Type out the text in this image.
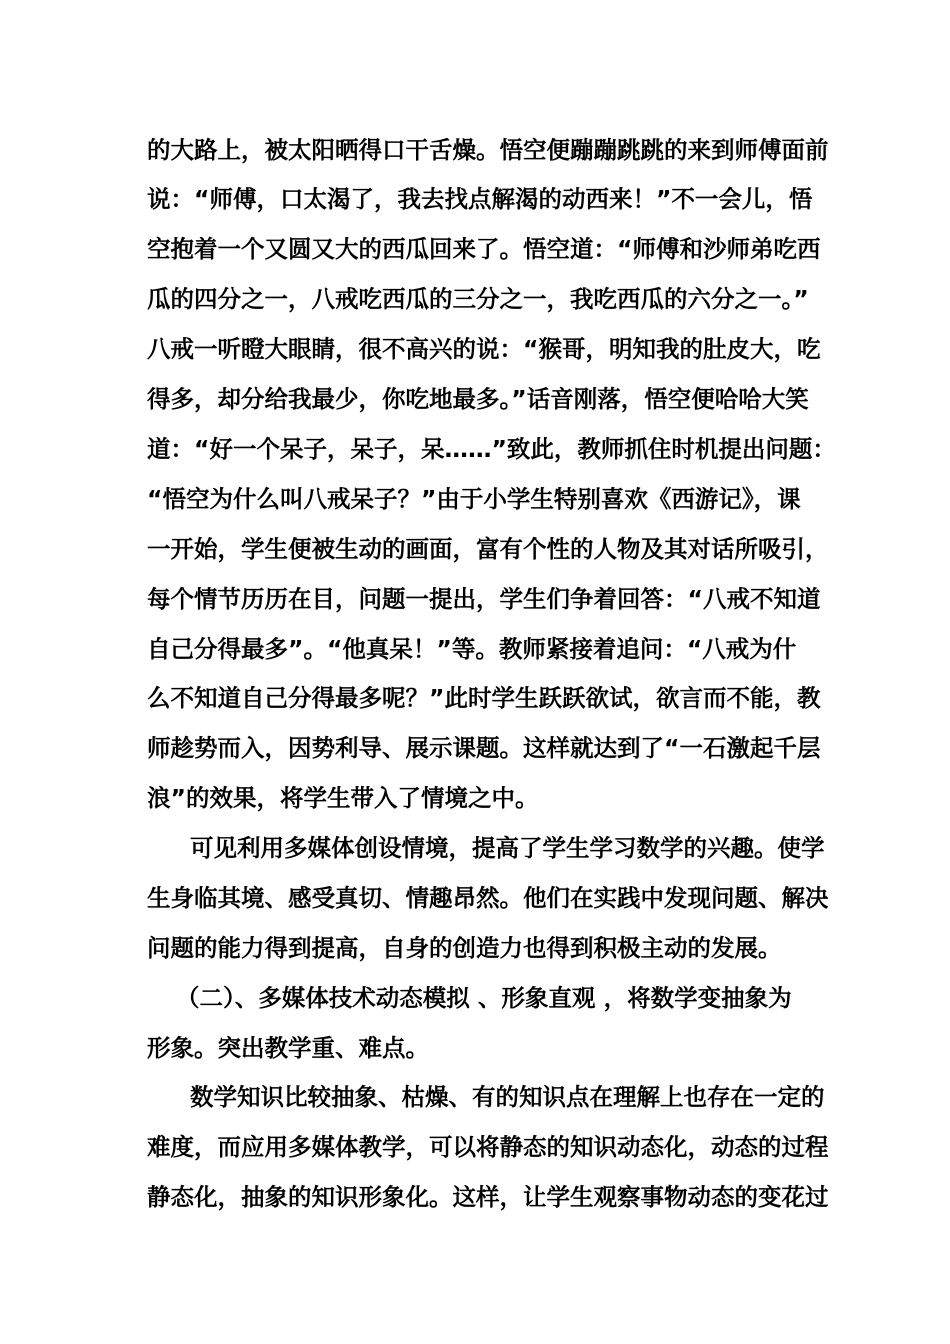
的大路上，被太阳晒得口干舌燥。悟空便蹦蹦跳跳的来到师傅面前
说：“师傅，口太渴了，我去找点解渴的动西来！”不一会儿，悟
空抱着一个又圆又大的西瓜回来了。悟空道：“师傅和沙师弟吃西
瓜的四分之一，八戒吃西瓜的三分之一，我吃西瓜的六分之一。”
八戒一听瞪大眼睛，很不高兴的说：“猴哥，明知我的肚皮大，吃
得多，却分给我最少，你吃地最多。”话音刚落，悟空便哈哈大笑
道：“好一个呆子，呆子，呆……”致此，教师抓住时机提出问题：
“悟空为什么叫八戒呆子？”由于小学生特别喜欢《西游记》，课
一开始，学生便被生动的画面，富有个性的人物及其对话所吸引，
每个情节历历在目，问题一提出，学生们争着回答：“八戒不知道
自己分得最多”。“他真呆！”等。教师紧接着追问：“八戒为什
么不知道自己分得最多呢？”此时学生跃跃欲试，欲言而不能，教
师趁势而入，因势利导、展示课题。这样就达到了“一石激起千层
浪”的效果，将学生带入了情境之中。
可见利用多媒体创设情境，提高了学生学习数学的兴趣。使学
生身临其境、感受真切、情趣昂然。他们在实践中发现问题、解决
问题的能力得到提高，自身的创造力也得到积极主动的发展。
（二）、多媒体技术动态模拟 、形象直观 ，将数学变抽象为
形象。突出教学重、难点。
数学知识比较抽象、枯燥、有的知识点在理解上也存在一定的
难度，而应用多媒体教学，可以将静态的知识动态化，动态的过程
静态化，抽象的知识形象化。这样，让学生观察事物动态的变花过
